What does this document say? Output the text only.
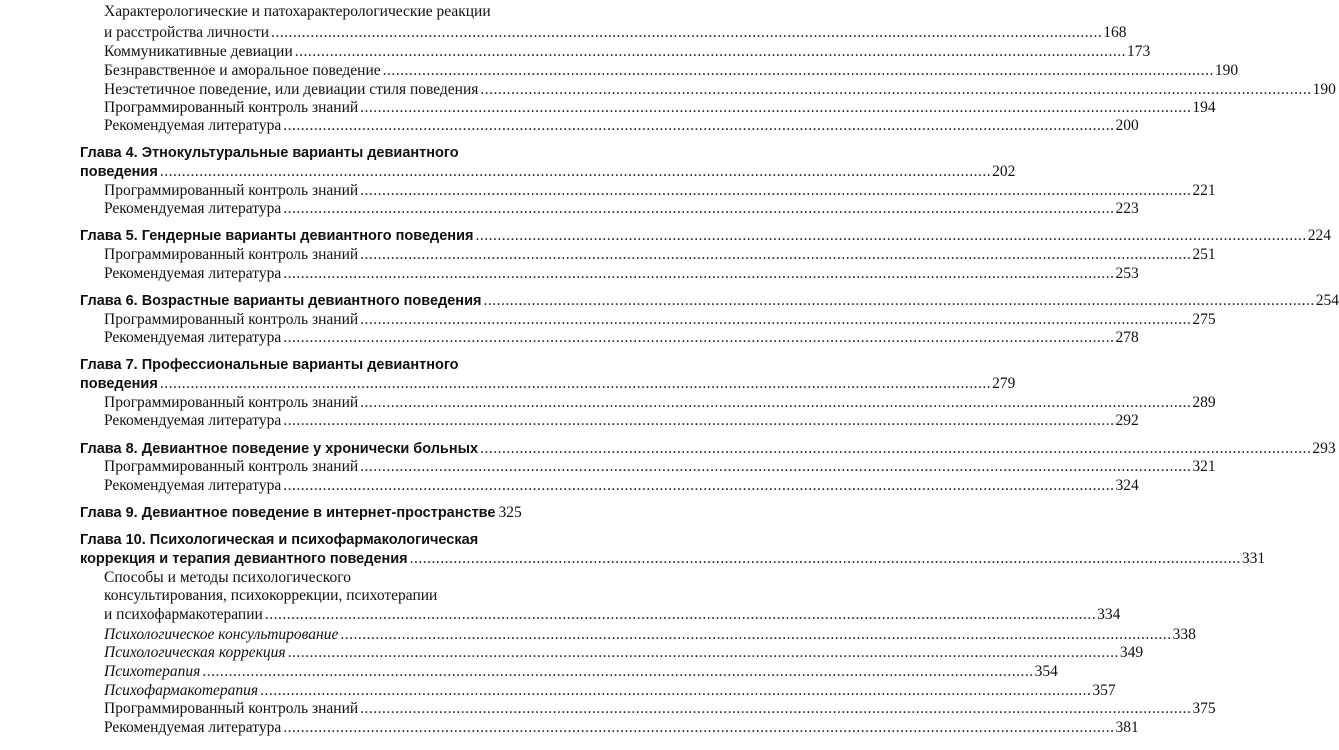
Характерологические и патохарактерологические реакции
и расстройства личности .....	168
Коммуникативные девиации .....	173
Безнравственное и аморальное поведение .....	190
Неэстетичное поведение, или девиации стиля поведения .....	190
Программированный контроль знаний .....	194
Рекомендуемая литература .....	200
Глава 4. Этнокультуральные варианты девиантного
поведения .....	202
Программированный контроль знаний .....	221
Рекомендуемая литература .....	223
Глава 5. Гендерные варианты девиантного поведения .....	224
Программированный контроль знаний .....	251
Рекомендуемая литература .....	253
Глава 6. Возрастные варианты девиантного поведения .....	254
Программированный контроль знаний .....	275
Рекомендуемая литература .....	278
Глава 7. Профессиональные варианты девиантного
поведения .....	279
Программированный контроль знаний .....	289
Рекомендуемая литература .....	292
Глава 8. Девиантное поведение у хронически больных .....	293
Программированный контроль знаний .....	321
Рекомендуемая литература .....	324
Глава 9. Девиантное поведение в интернет-пространстве 325
Глава 10. Психологическая и психофармакологическая
коррекция и терапия девиантного поведения .....	331
Способы и методы психологического
консультирования, психокоррекции, психотерапии
и психофармакотерапии .....	334
Психологическое консультирование .....	338
Психологическая коррекция .....	349
Психотерапия .....	354
Психофармакотерапия .....	357
Программированный контроль знаний .....	375
Рекомендуемая литература .....	381
